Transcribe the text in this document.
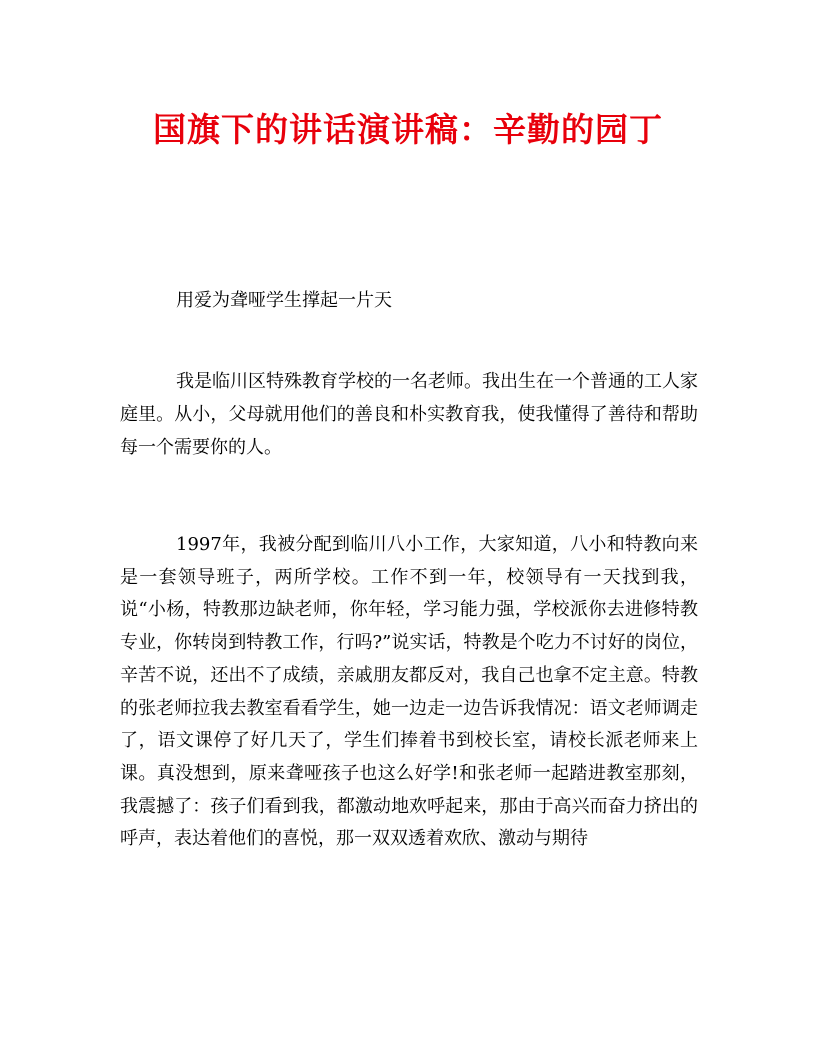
国旗下的讲话演讲稿：辛勤的园丁

用爱为聋哑学生撑起一片天

我是临川区特殊教育学校的一名老师。我出生在一个普通的工人家庭里。从小，父母就用他们的善良和朴实教育我，使我懂得了善待和帮助每一个需要你的人。

1997年，我被分配到临川八小工作，大家知道，八小和特教向来是一套领导班子，两所学校。工作不到一年，校领导有一天找到我，说“小杨，特教那边缺老师，你年轻，学习能力强，学校派你去进修特教专业，你转岗到特教工作，行吗?”说实话，特教是个吃力不讨好的岗位，辛苦不说，还出不了成绩，亲戚朋友都反对，我自己也拿不定主意。特教的张老师拉我去教室看看学生，她一边走一边告诉我情况：语文老师调走了，语文课停了好几天了，学生们捧着书到校长室，请校长派老师来上课。真没想到，原来聋哑孩子也这么好学!和张老师一起踏进教室那刻，我震撼了：孩子们看到我，都激动地欢呼起来，那由于高兴而奋力挤出的呼声，表达着他们的喜悦，那一双双透着欢欣、激动与期待
